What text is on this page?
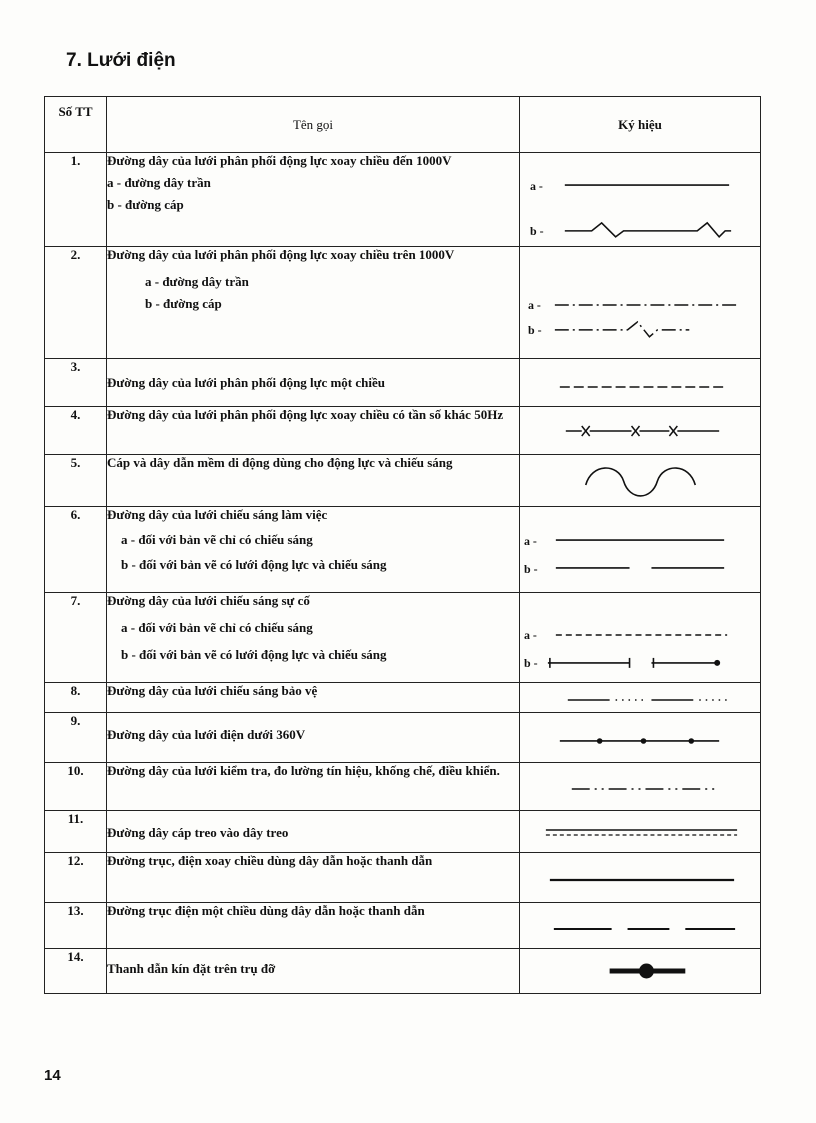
7. Lưới điện
Số TT	Tên gọi	Ký hiệu
1.	Đường dây của lưới phân phối động lực xoay chiều đến 1000V
a - đường dây trần
b - đường cáp	a -
b -

2.	Đường dây của lưới phân phối động lực xoay chiều trên 1000V
a - đường dây trần
b - đường cáp	a -
b -

3.	Đường dây của lưới phân phối động lực một chiều

4.	Đường dây của lưới phân phối động lực xoay chiều có tần số khác 50Hz

5.	Cáp và dây dẫn mềm di động dùng cho động lực và chiếu sáng

6.	Đường dây của lưới chiếu sáng làm việc
a - đối với bản vẽ chỉ có chiếu sáng
b - đối với bản vẽ có lưới động lực và chiếu sáng	a -
b -

7.	Đường dây của lưới chiếu sáng sự cố
a - đối với bản vẽ chỉ có chiếu sáng
b - đối với bản vẽ có lưới động lực và chiếu sáng	a -
b -

8.	Đường dây của lưới chiếu sáng bảo vệ

9.	Đường dây của lưới điện dưới 360V

10.	Đường dây của lưới kiểm tra, đo lường tín hiệu, khống chế, điều khiển.

11.	Đường dây cáp treo vào dây treo

12.	Đường trục, điện xoay chiều dùng dây dẫn hoặc thanh dẫn

13.	Đường trục điện một chiều dùng dây dẫn hoặc thanh dẫn

14.	Thanh dẫn kín đặt trên trụ đỡ

14
